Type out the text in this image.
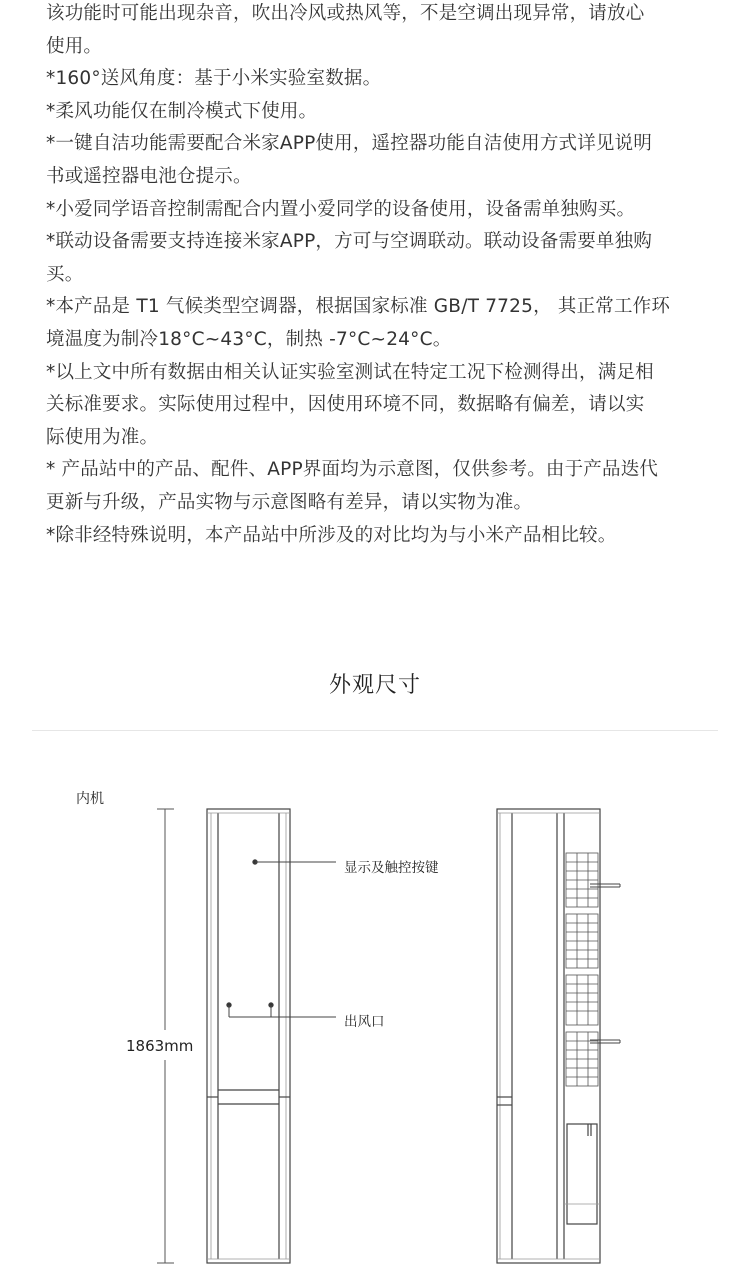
该功能时可能出现杂音，吹出冷风或热风等，不是空调出现异常，请放心

使用。

*160°送风角度：基于小米实验室数据。

*柔风功能仅在制冷模式下使用。

*一键自洁功能需要配合米家APP使用，遥控器功能自洁使用方式详见说明

书或遥控器电池仓提示。

*小爱同学语音控制需配合内置小爱同学的设备使用，设备需单独购买。

*联动设备需要支持连接米家APP，方可与空调联动。联动设备需要单独购

买。

*本产品是 T1 气候类型空调器，根据国家标准 GB/T 7725， 其正常工作环

境温度为制冷18°C~43°C，制热 -7°C~24°C。

*以上文中所有数据由相关认证实验室测试在特定工况下检测得出，满足相

关标准要求。实际使用过程中，因使用环境不同，数据略有偏差，请以实

际使用为准。

* 产品站中的产品、配件、APP界面均为示意图，仅供参考。由于产品迭代

更新与升级，产品实物与示意图略有差异，请以实物为准。

*除非经特殊说明，本产品站中所涉及的对比均为与小米产品相比较。

外观尺寸
内机
1863mm
显示及触控按键
出风口
